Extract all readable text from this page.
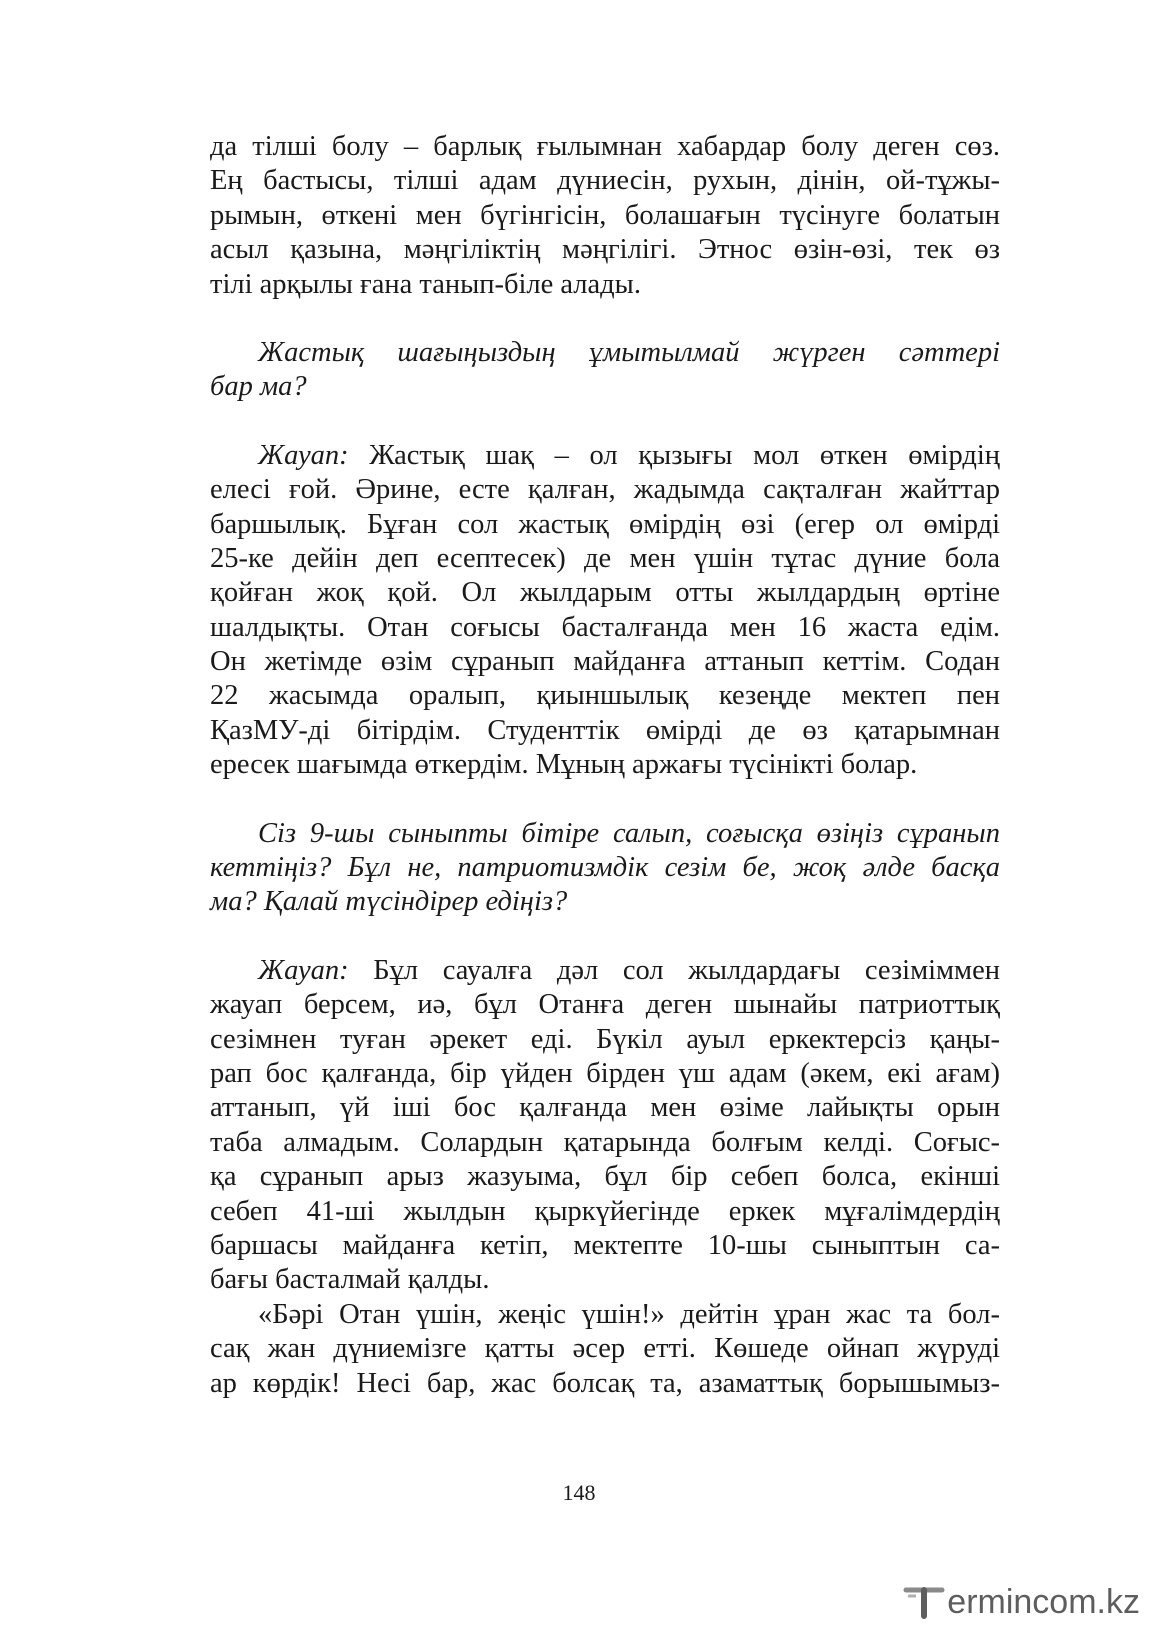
да тілші болу – барлық ғылымнан хабардар болу деген сөз.
Ең бастысы, тілші адам дүниесін, рухын, дінін, ой-тұжы-
рымын, өткені мен бүгінгісін, болашағын түсінуге болатын
асыл қазына, мәңгіліктің мәңгілігі. Этнос өзін-өзі, тек өз
тілі арқылы ғана танып-біле алады.
Жастық шағыңыздың ұмытылмай жүрген сәттері
бар ма?
Жауап: Жастық шақ – ол қызығы мол өткен өмірдің
елесі ғой. Әрине, есте қалған, жадымда сақталған жайттар
баршылық. Бұған сол жастық өмірдің өзі (егер ол өмірді
25-ке дейін деп есептесек) де мен үшін тұтас дүние бола
қойған жоқ қой. Ол жылдарым отты жылдардың өртіне
шалдықты. Отан соғысы басталғанда мен 16 жаста едім.
Он жетімде өзім сұранып майданға аттанып кеттім. Содан
22 жасымда оралып, қиыншылық кезеңде мектеп пен
ҚазМУ-ді бітірдім. Студенттік өмірді де өз қатарымнан
ересек шағымда өткердім. Мұның аржағы түсінікті болар.
Сіз 9-шы сыныпты бітіре салып, соғысқа өзіңіз сұранып
кеттіңіз? Бұл не, патриотизмдік сезім бе, жоқ әлде басқа
ма? Қалай түсіндірер едіңіз?
Жауап: Бұл сауалға дәл сол жылдардағы сезіміммен
жауап берсем, иә, бұл Отанға деген шынайы патриоттық
сезімнен туған әрекет еді. Бүкіл ауыл еркектерсіз қаңы-
рап бос қалғанда, бір үйден бірден үш адам (әкем, екі ағам)
аттанып, үй іші бос қалғанда мен өзіме лайықты орын
таба алмадым. Солардын қатарында болғым келді. Соғыс-
қа сұранып арыз жазуыма, бұл бір себеп болса, екінші
себеп 41-ші жылдын қыркүйегінде еркек мұғалімдердің
баршасы майданға кетіп, мектепте 10-шы сыныптын са-
бағы басталмай қалды.
«Бәрі Отан үшін, жеңіс үшін!» дейтін ұран жас та бол-
сақ жан дүниемізге қатты әсер етті. Көшеде ойнап жүруді
ар көрдік! Несі бар, жас болсақ та, азаматтық борышымыз-
148
ermincо m.kz
